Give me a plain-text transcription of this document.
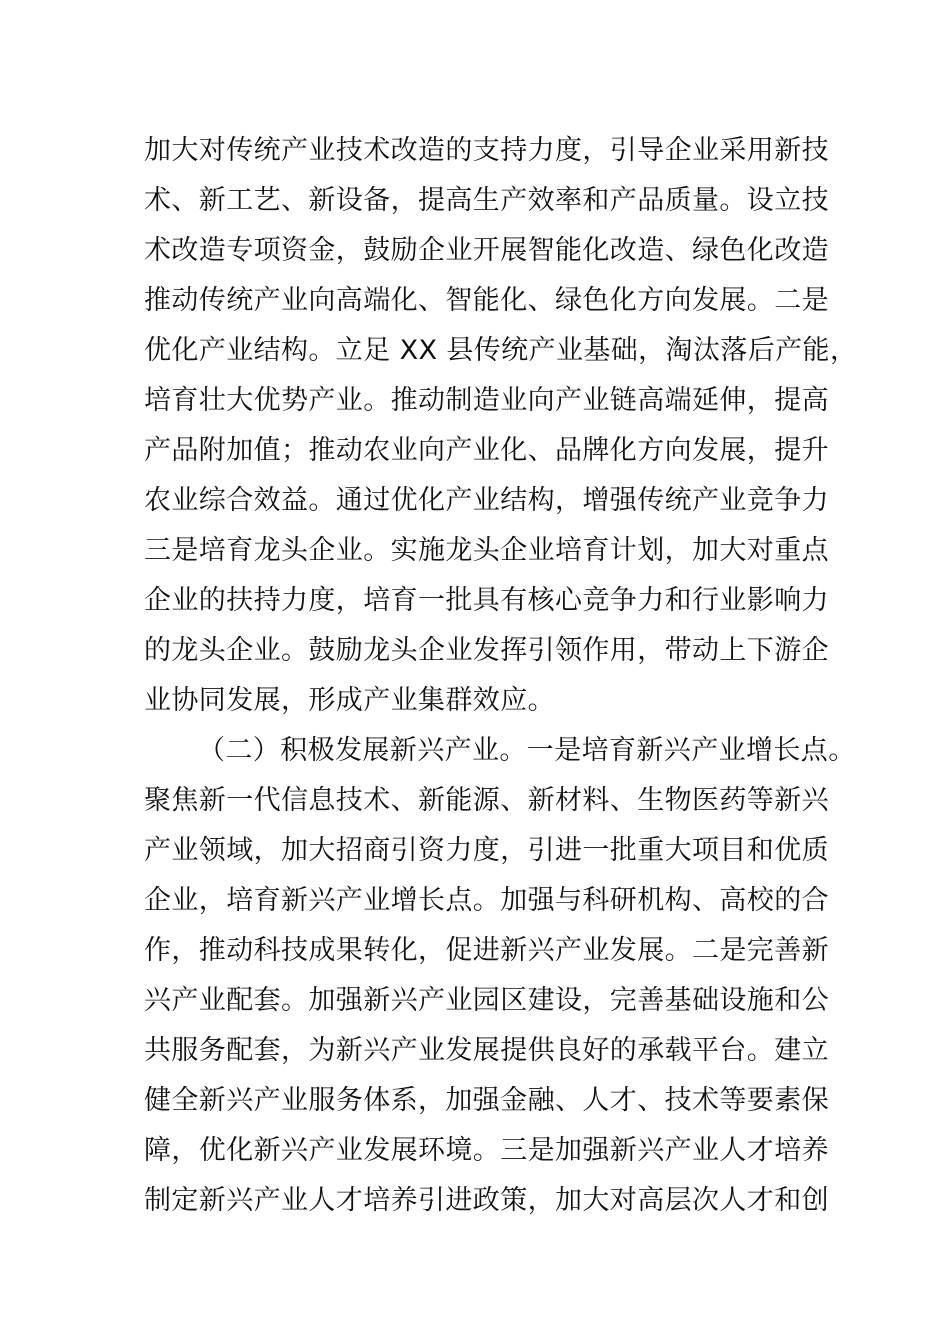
加大对传统产业技术改造的支持力度，引导企业采用新技
术、新工艺、新设备，提高生产效率和产品质量。设立技
术改造专项资金，鼓励企业开展智能化改造、绿色化改造
推动传统产业向高端化、智能化、绿色化方向发展。二是
优化产业结构。立足 XX 县传统产业基础，淘汰落后产能，
培育壮大优势产业。推动制造业向产业链高端延伸，提高
产品附加值；推动农业向产业化、品牌化方向发展，提升
农业综合效益。通过优化产业结构，增强传统产业竞争力
三是培育龙头企业。实施龙头企业培育计划，加大对重点
企业的扶持力度，培育一批具有核心竞争力和行业影响力
的龙头企业。鼓励龙头企业发挥引领作用，带动上下游企
业协同发展，形成产业集群效应。
（二）积极发展新兴产业。一是培育新兴产业增长点。
聚焦新一代信息技术、新能源、新材料、生物医药等新兴
产业领域，加大招商引资力度，引进一批重大项目和优质
企业，培育新兴产业增长点。加强与科研机构、高校的合
作，推动科技成果转化，促进新兴产业发展。二是完善新
兴产业配套。加强新兴产业园区建设，完善基础设施和公
共服务配套，为新兴产业发展提供良好的承载平台。建立
健全新兴产业服务体系，加强金融、人才、技术等要素保
障，优化新兴产业发展环境。三是加强新兴产业人才培养
制定新兴产业人才培养引进政策，加大对高层次人才和创
